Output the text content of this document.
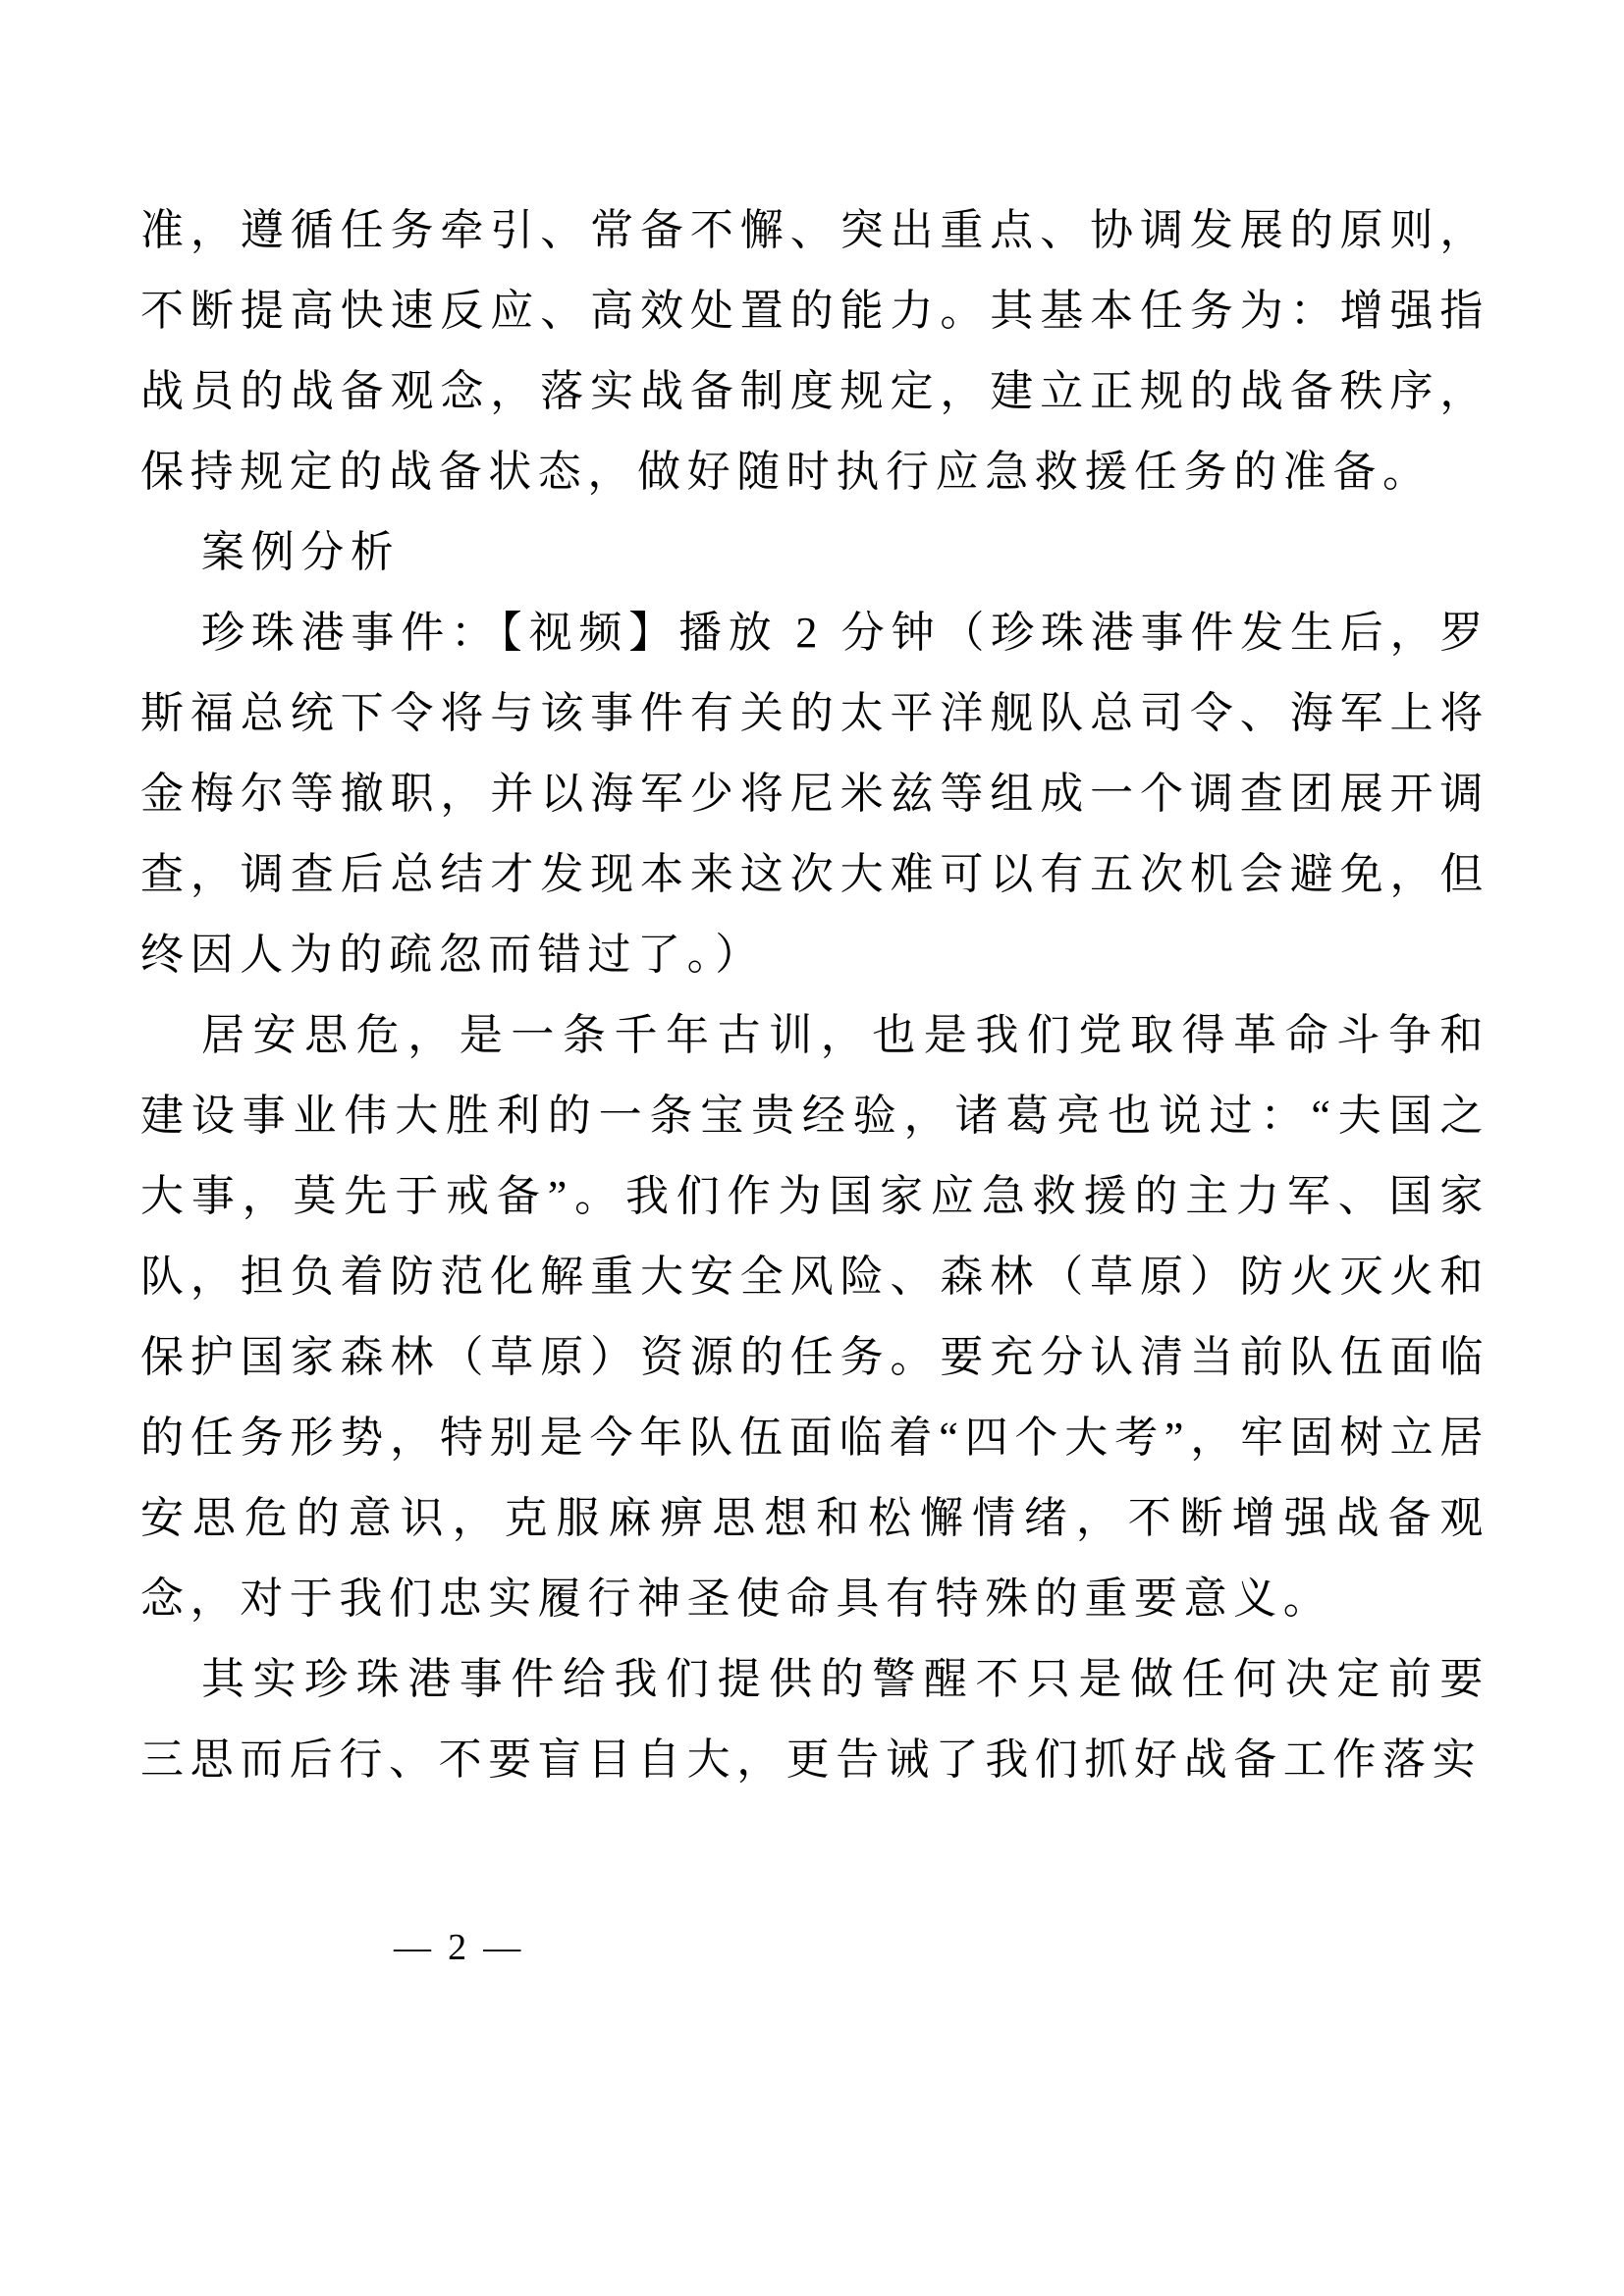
准，遵循任务牵引、常备不懈、突出重点、协调发展的原则，不断提高快速反应、高效处置的能力。其基本任务为：增强指战员的战备观念，落实战备制度规定，建立正规的战备秩序，保持规定的战备状态，做好随时执行应急救援任务的准备。

案例分析

珍珠港事件：【视频】播放 2 分钟（珍珠港事件发生后，罗斯福总统下令将与该事件有关的太平洋舰队总司令、海军上将金梅尔等撤职，并以海军少将尼米兹等组成一个调查团展开调查，调查后总结才发现本来这次大难可以有五次机会避免，但终因人为的疏忽而错过了。）

居安思危，是一条千年古训，也是我们党取得革命斗争和建设事业伟大胜利的一条宝贵经验，诸葛亮也说过：“夫国之大事，莫先于戒备”。我们作为国家应急救援的主力军、国家队，担负着防范化解重大安全风险、森林（草原）防火灭火和保护国家森林（草原）资源的任务。要充分认清当前队伍面临的任务形势，特别是今年队伍面临着“四个大考”，牢固树立居安思危的意识，克服麻痹思想和松懈情绪，不断增强战备观念，对于我们忠实履行神圣使命具有特殊的重要意义。

其实珍珠港事件给我们提供的警醒不只是做任何决定前要三思而后行、不要盲目自大，更告诫了我们抓好战备工作落实

— 2 —
